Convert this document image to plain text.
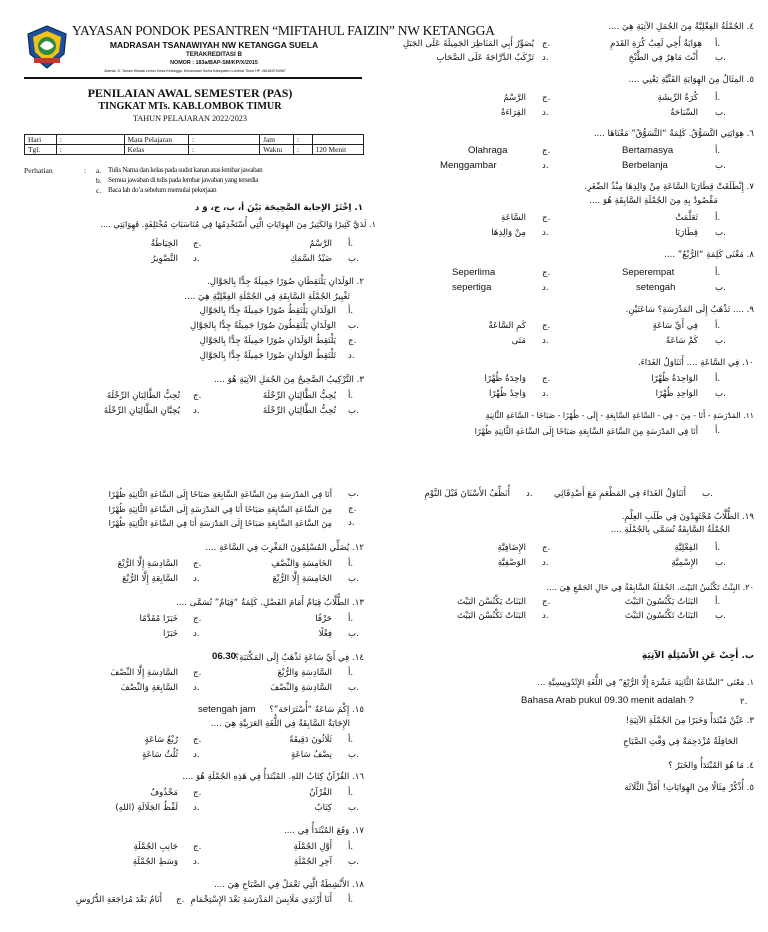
YAYASAN PONDOK PESANTREN “MIFTAHUL FAIZIN” NW KETANGGA
MADRASAH TSANAWIYAH NW KETANGGA SUELA
TERAKREDITASI B
NOMOR : 183a/BAP-SM/KP/X/2015
Alamat: Jl. Taman Wisata Lemor Desa Ketangga, Kecamatan Suela Kabupaten Lombok Timur HP. 081805754987
PENILAIAN AWAL SEMESTER (PAS)
TINGKAT MTs. KAB.LOMBOK TIMUR
TAHUN PELAJARAN 2022/2023
Hari	:	Mata Pelajaran	:	Jam	:	
Tgl.	:	Kelas	:	Waktu	:	120 Menit
Perhatian	: a. Tulis Nama dan kelas pada sudut kanan atas lembar jawaban
b. Semua jawaban di tulis pada lembar jawaban yang tersedia
c. Baca lah do’a sebelum memulai pekerjaan
١. اِخْتَرْ الإجابة الصَّحِيحَة بَيْنَ أ، ب، ج، وَ د
١. لَدَيَّ كَثِيرًا وَالكَثِيرُ مِنَ الهِوَايَاتِ الَّتِي أُسْتَخْدِمُهَا فِي مُنَاسَبَاتِ مُخْتَلِفَةٍ. فَهِوَايَتِي ....
أ.
الرَّسْمُ
ب.
صَيْدُ السَّمَكِ
ج.
الخِيَاطَةُ
د.
التَّصْوِيرُ
٢. الوَلَدَانِ يَلْتَقِطَانِ صُوَرًا جَمِيلَةً جِدًّا بِالجَوَّالِ.
تَغْيِيرُ الجُمْلَةِ السَّابِقَةِ فِي الجُمْلَةِ الفِعْلِيَّةِ هِيَ ....
أ.
الوَلَدَانِ يَلْتَقِطُ صُوَرًا جَمِيلَةً جِدًّا بِالجَوَّالِ
ب.
الوَلَدَانِ يَلْتَقِطُونَ صُوَرًا جَمِيلَةً جِدًّا بِالجَوَّالِ
ج.
يَلْتَقِطُ الوَلَدَانِ صُوَرًا جَمِيلَةً جِدًّا بِالجَوَّالِ
د.
تَلْتَقِطُ الوَلَدَانِ صُوَرًا جَمِيلَةً جِدًّا بِالجَوَّالِ
٣. التَّرْكِيبُ الصَّحِيحُ مِنَ الجُمَلِ الآتِيَةِ هُوَ ....
أ.
يُحِبُّ الطَّالِبَانِ الرِّحْلَةَ
ب.
تُحِبُّ الطَّالِبَانِ الرِّحْلَةَ
ج.
تُحِبُّ الطَّالِبَانِ الرِّحْلَةَ
د.
يُحِبَّانِ الطَّالِبَانِ الرِّحْلَةَ
٤. الجُمْلَةُ الفِعْلِيَّةُ مِنَ الجُمَلِ الآتِيَةِ هِيَ ....
أ.
هِوَايَةُ أَخِي لَعِبُ كُرَةِ القَدَمِ
ب.
أَنْتَ مَاهِرٌ فِي الطَّبْخِ
ج.
يُصَوِّرُ أَبِي المَنَاظِرَ الجَمِيلَةَ عَلَى الجَبَلِ
د.
تَرْكَبُ الدَّرَّاجَةَ عَلَى الصَّحَابِ
٥. المِثَالُ مِنَ الهِوَايَةِ الفَنِّيَّةِ يَعْنِي ....
أ.
كُرَةُ الرِّيشَةِ
ب.
السِّبَاحَةُ
ج.
الرَّسْمُ
د.
القِرَاءَةُ
٦. هِوَايَتِي التَّسَوُّقُ. كَلِمَةُ “التَّسَوُّقُ” مَعْنَاهَا ....
أ.
Bertamasya
ب.
Berbelanja
ج.
Olahraga
د.
Menggambar
٧. إِنْطَلَقَتْ قِطَارَيَا السَّاعَةِ مِنْ وَالِدِهَا مِنْذُ الصِّغَرِ.
مَقْصُودٌ بِهِ مِنَ الجُمْلَةِ السَّابِقَةِ هُوَ ....
أ.
تَعَلَّمَتْ
ب.
قِطَارَيَا
ج.
السَّاعَةِ
د.
مِنْ وَالِدِهَا
٨. مَعْنَى كَلِمَةِ “الرُّبْعُ” ....
أ.
Seperempat
ب.
setengah
ج.
Seperlima
د.
sepertiga
٩. .... تَذْهَبُ إِلَى المَدْرَسَةِ؟ سَاعَتَيْنِ.
أ.
فِي أَيِّ سَاعَةٍ
ب.
كَمْ سَاعَةً
ج.
كَمِ السَّاعَةُ
د.
مَتَى
١٠. فِي السَّاعَةِ .... أَتَنَاوَلُ الغَدَاءَ.
أ.
الوَاحِدَةُ ظُهْرًا
ب.
الوَاحِدِ ظُهْرًا
ج.
وَاحِدَةُ ظُهْرًا
د.
وَاحِدُ ظُهْرًا
١١. المَدْرَسَةِ - أَنَا - مِنَ - فِي - السَّاعَةِ السَّابِعَةِ - إِلَى - ظُهْرًا - صَبَاحًا - السَّاعَةِ الثَّانِيَةِ
أ.
أَنَا فِي المَدْرَسَةِ مِنَ السَّاعَةِ السَّابِعَةِ صَبَاحًا إِلَى السَّاعَةِ الثَّانِيَةِ ظُهْرًا
ب.
أَنَا فِي المَدْرَسَةِ مِنَ السَّاعَةِ السَّابِعَةِ صَبَاحًا إِلَى السَّاعَةِ الثَّانِيَةِ ظُهْرًا
ج.
مِنَ السَّاعَةِ السَّابِعَةِ صَبَاحًا أَنَا فِي المَدْرَسَةِ إِلَى السَّاعَةِ الثَّانِيَةِ ظُهْرًا
د.
مِنَ السَّاعَةِ السَّابِعَةِ صَبَاحًا إِلَى المَدْرَسَةِ أَنَا فِي السَّاعَةِ الثَّانِيَةِ ظُهْرًا
١٢. يُصَلِّي المُسْلِمُونَ المَغْرِبَ فِي السَّاعَةِ ....
أ.
الخَامِسَةِ وَالنِّصْفِ
ب.
الخَامِسَةِ إِلَّا الرُّبْعَ
ج.
السَّادِسَةِ إِلَّا الرُّبْعَ
د.
السَّابِعَةِ إِلَّا الرُّبْعَ
١٣. الطُّلَّابُ قِيَامٌ أَمَامَ الفَصْلِ. كَلِمَةُ “قِيَامٌ” تُسَمَّى ....
أ.
حَرْفًا
ب.
فِعْلًا
ج.
خَبَرًا مُقَدَّمًا
د.
خَبَرًا
06.30
١٤. فِي أَيِّ سَاعَةٍ تَذْهَبُ إِلَى المَكْتَبَةِ؟
أ.
السَّادِسَةِ وَالرُّبْعَ
ب.
السَّادِسَةِ وَالنِّصْفَ
ج.
السَّادِسَةِ إِلَّا النِّصْفَ
د.
السَّابِعَةِ وَالنِّصْفَ
setengah jam ١٥. إِكْمَ سَاعَةً “أُسْتَرَاحَة”؟
الإِجَابَةُ السَّابِقَةُ فِي اللُّغَةِ العَرَبِيَّةِ هِيَ ....
أ.
ثَلَاثُونَ دَقِيقَةً
ب.
نِصْفُ سَاعَةٍ
ج.
رُبْعُ سَاعَةٍ
د.
ثُلُثُ سَاعَةٍ
١٦. القُرْآنُ كِتَابُ اللهِ. المُبْتَدَأُ فِي هَذِهِ الجُمْلَةِ هُوَ ....
أ.
القُرْآنُ
ب.
كِتَابُ
ج.
مَحْذُوفٌ
د.
لَفْظُ الجَلَالَةِ (اللهِ)
١٧. وَقَعَ المُبْتَدَأُ فِي ....
أ.
أَوَّلِ الجُمْلَةِ
ب.
آخِرِ الجُمْلَةِ
ج.
جَانِبِ الجُمْلَةِ
د.
وَسَطِ الجُمْلَةِ
١٨. الأَنْشِطَةُ الَّتِي تَعْمَلُ فِي الصَّبَاحِ هِيَ ....
أ.
أَنَا أَرْتَدِي مَلَابِسَ المَدْرَسَةِ بَعْدَ الإِسْتِحْمَامِ
ج.
أَنَامُ بَعْدَ مُرَاجَعَةِ الدُّرُوسِ
ب.
أَتَنَاوَلُ الغَدَاءَ فِي المَطْعَمِ مَعَ أَصْدِقَائِي
د.
أُنَظِّفُ الأَسْنَانَ قَبْلَ النَّوْمِ
١٩. الطُّلَّابُ مُجْتَهِدُونَ فِي طَلَبِ العِلْمِ.
الجُمْلَةُ السَّابِقَةُ تُسَمَّى بِالجُمْلَةِ ....
أ.
الفِعْلِيَّةِ
ب.
الإِسْمِيَّةِ
ج.
الإِضَافِيَّةِ
د.
الوَصْفِيَّةِ
٢٠. البِنْتُ تَكْنُسُ البَيْتَ. الجُمْلَةُ السَّابِقَةُ فِي حَالِ الجَمْعِ هِيَ ....
أ.
البَنَاتُ يَكْنُسُونَ البَيْتَ
ب.
البَنَاتُ تَكْنُسُونَ البَيْتَ
ج.
البَنَاتُ يَكْنُسْنَ البَيْتَ
د.
البَنَاتُ تَكْنُسْنَ البَيْتَ
ب. أَجِبْ عَنِ الأَسْئِلَةِ الآتِيَةِ
١. مَعْنَى “السَّاعَةُ الثَّانِيَةَ عَشْرَةَ إِلَّا الرُّبْعَ” فِي اللُّغَةِ الإِنْدُونِيسِيَّةِ ...
٢.
Bahasa Arab pukul 09.30 menit adalah ?
٣. عَيِّنْ مُبْتَدَأً وَخَبَرًا مِنَ الجُمْلَةِ الآتِيَةِ!
الحَافِلَةُ مُزْدَحِمَةٌ فِي وَقْتِ الصَّبَاحِ
٤. مَا هُوَ المُبْتَدَأُ وَالخَبَرُ ؟
٥. أُذْكُرْ مِثَالًا مِنَ الهِوَايَاتِ! أَقَلَّ الثَّلَاثَة
